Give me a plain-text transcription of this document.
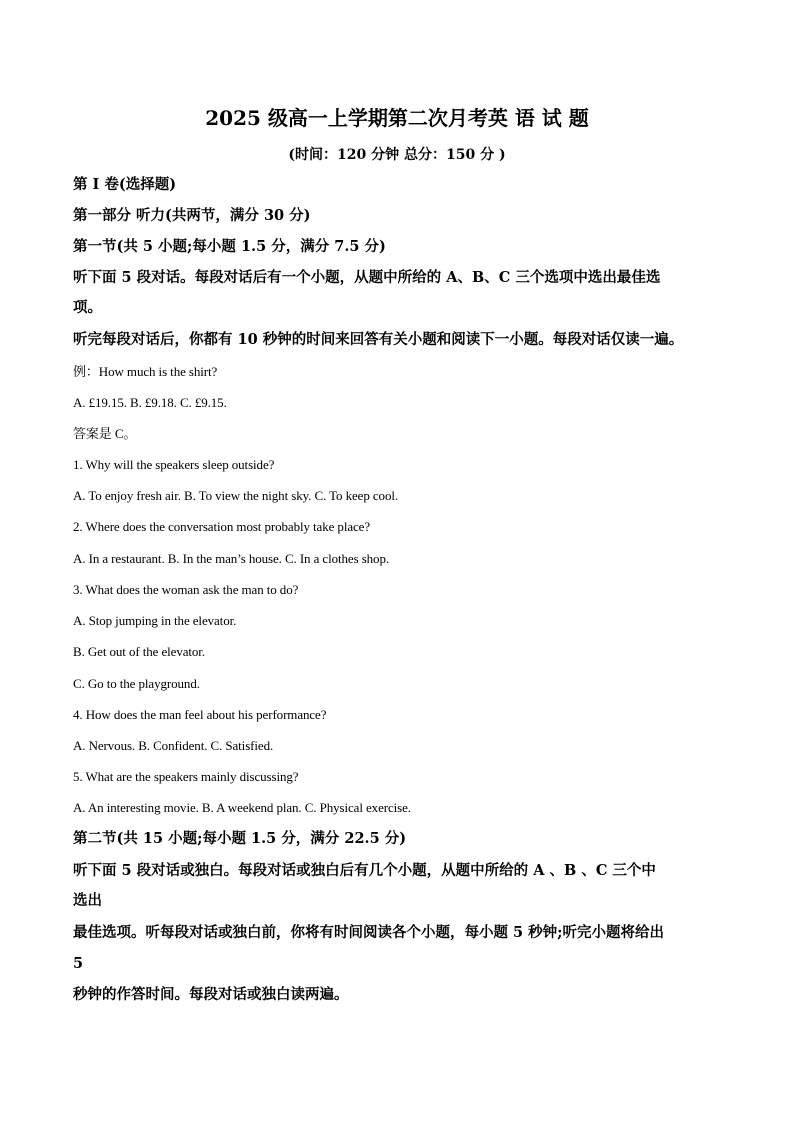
2025 级高一上学期第二次月考英 语 试 题
(时间：120 分钟 总分：150 分 )
第 I 卷(选择题)
第一部分 听力(共两节，满分 30 分)
第一节(共 5 小题;每小题 1.5 分，满分 7.5 分)
听下面 5 段对话。每段对话后有一个小题，从题中所给的 A、B、C 三个选项中选出最佳选
项。
听完每段对话后，你都有 10 秒钟的时间来回答有关小题和阅读下一小题。每段对话仅读一遍。
例：How much is the shirt?
A. £19.15. B. £9.18. C. £9.15.
答案是 C。
1. Why will the speakers sleep outside?
A. To enjoy fresh air. B. To view the night sky. C. To keep cool.
2. Where does the conversation most probably take place?
A. In a restaurant. B. In the man’s house. C. In a clothes shop.
3. What does the woman ask the man to do?
A. Stop jumping in the elevator.
B. Get out of the elevator.
C. Go to the playground.
4. How does the man feel about his performance?
A. Nervous. B. Confident. C. Satisfied.
5. What are the speakers mainly discussing?
A. An interesting movie. B. A weekend plan. C. Physical exercise.
第二节(共 15 小题;每小题 1.5 分，满分 22.5 分)
听下面 5 段对话或独白。每段对话或独白后有几个小题，从题中所给的 A 、B 、C 三个中
选出
最佳选项。听每段对话或独白前，你将有时间阅读各个小题，每小题 5 秒钟;听完小题将给出
5
秒钟的作答时间。每段对话或独白读两遍。
